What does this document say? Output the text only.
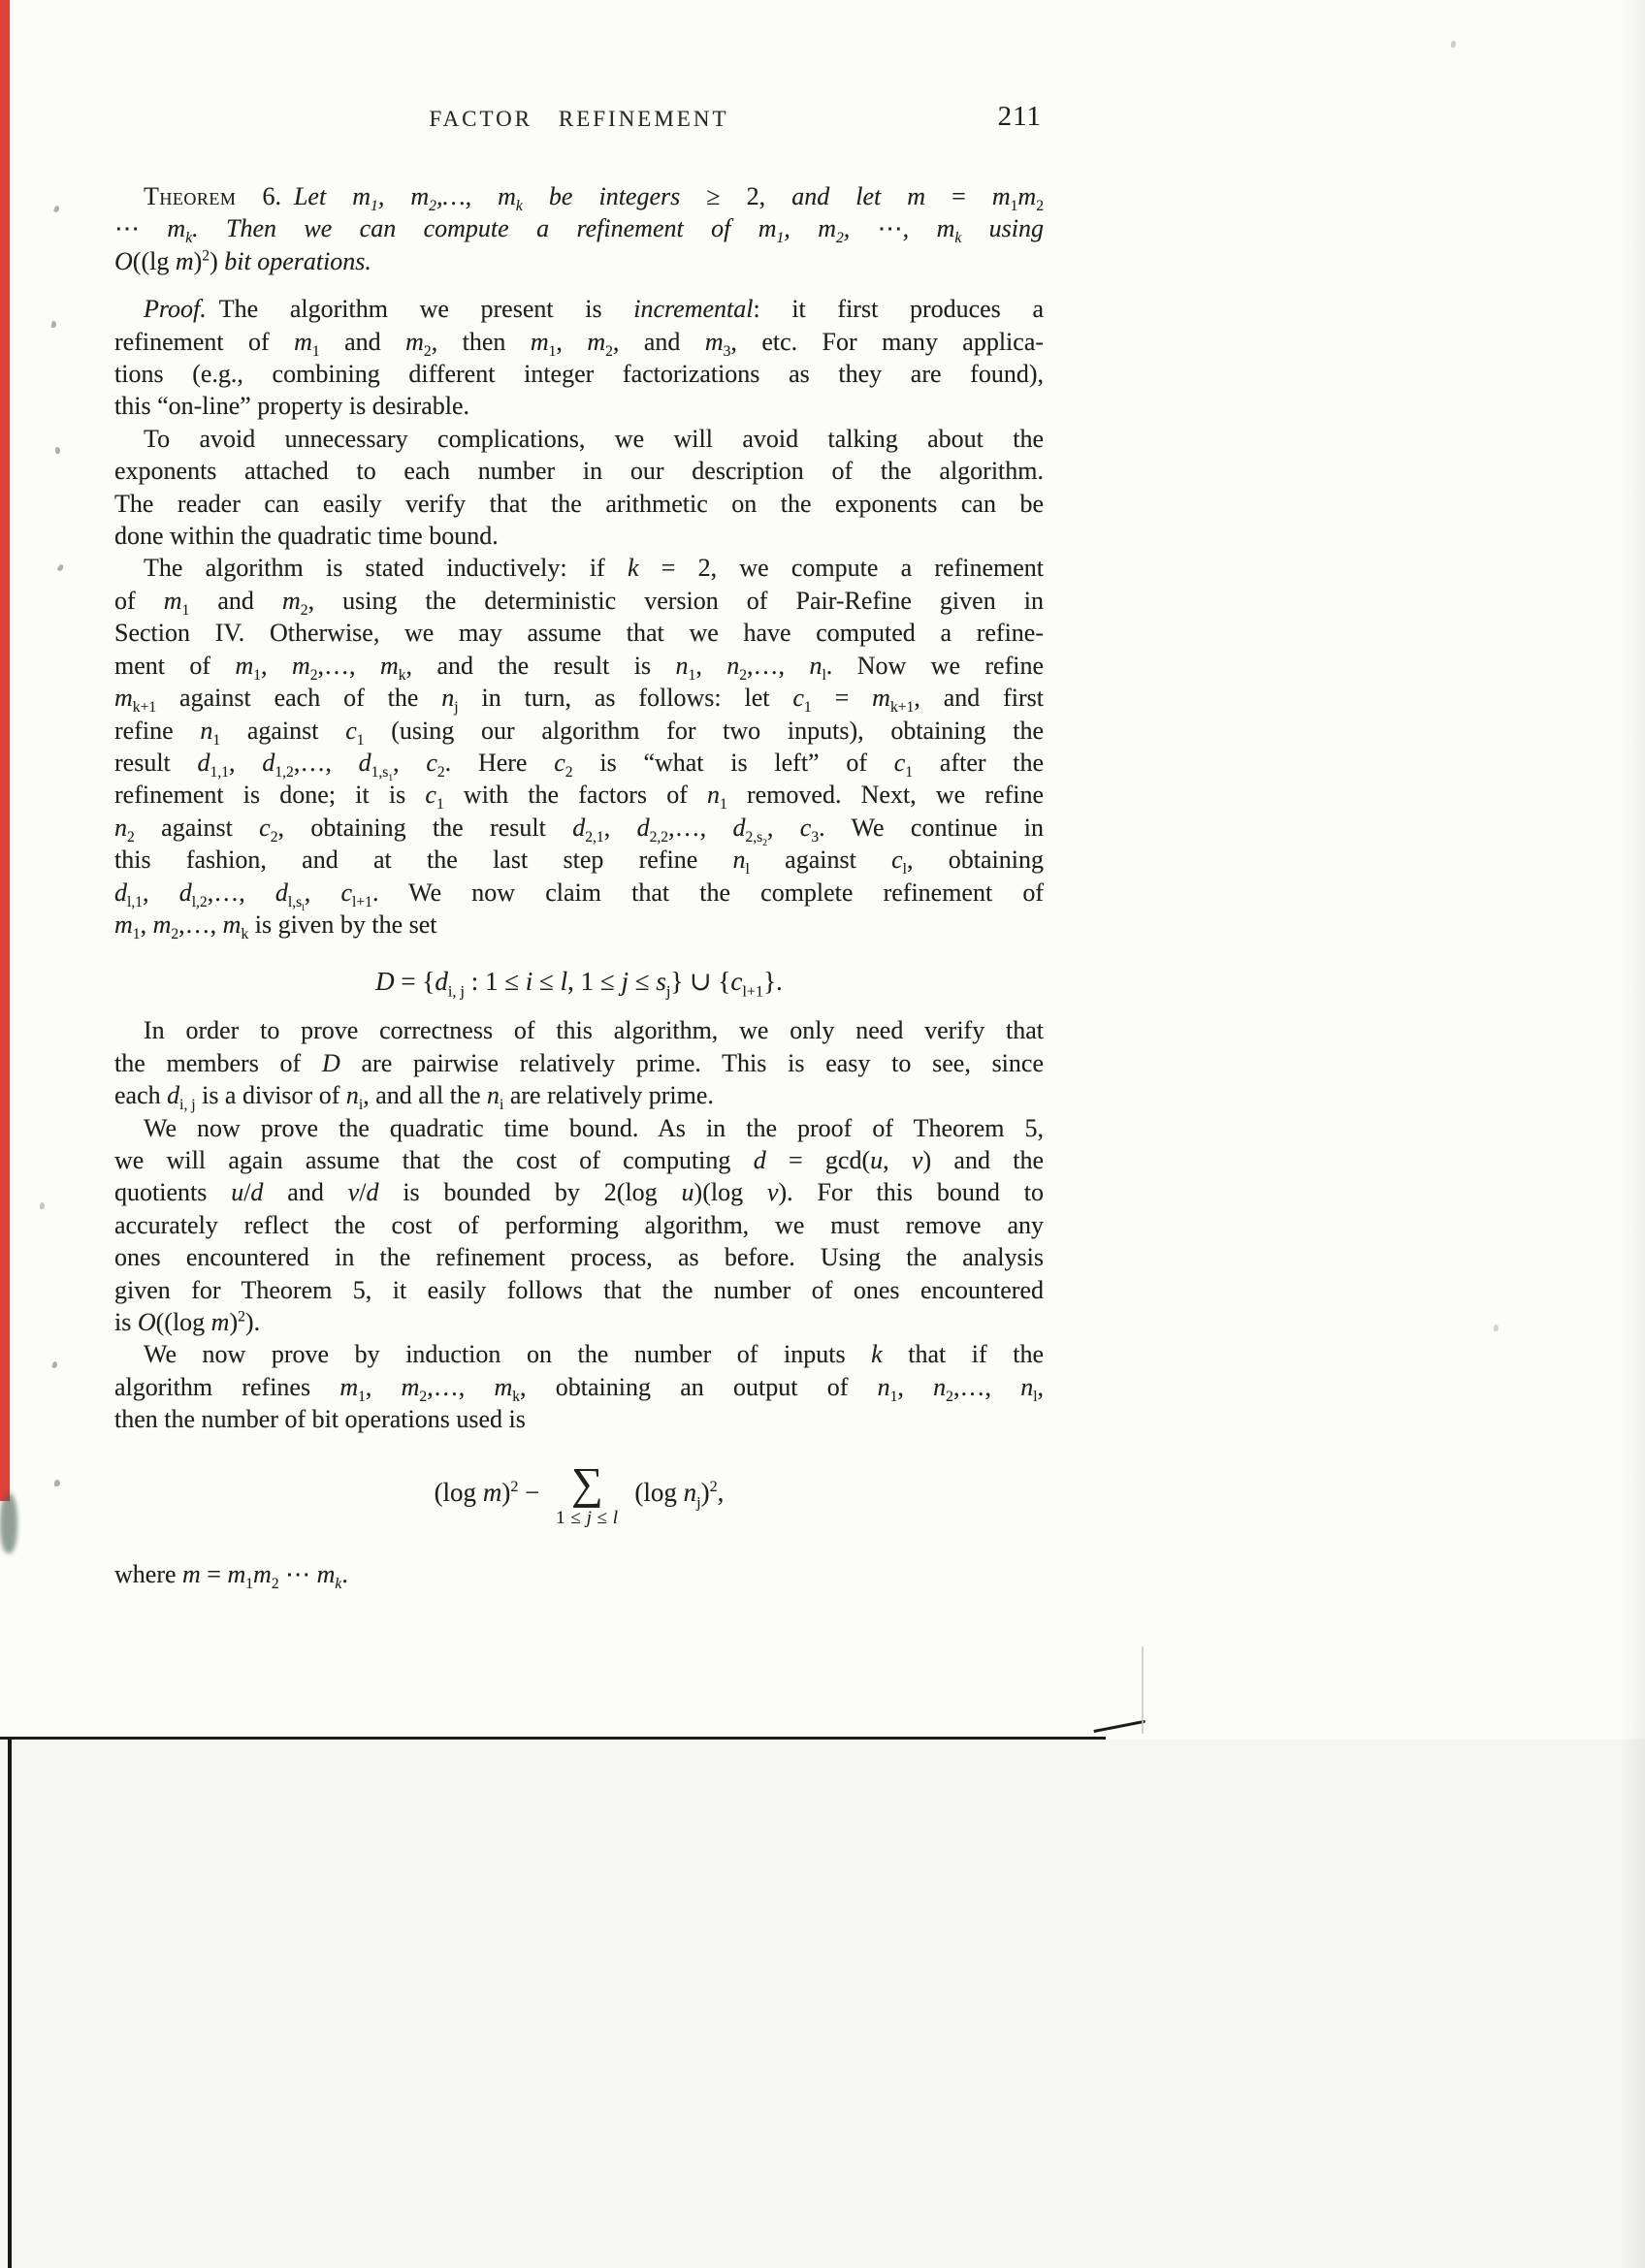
FACTOR REFINEMENT	211
Theorem 6. Let $m_1$, $m_2,\dots$, $m_k$ be integers ≥ 2, and let $m = m_1m_2$
⋯ $m_k$. Then we can compute a refinement of $m_1$, $m_2$, ⋯, $m_k$ using
O((lg m)$^2$) bit operations.
Proof. The algorithm we present is incremental: it first produces a
refinement of $m_1$ and $m_2$, then $m_1$, $m_2$, and $m_3$, etc. For many applica-
tions (e.g., combining different integer factorizations as they are found),
this “on-line” property is desirable.
To avoid unnecessary complications, we will avoid talking about the
exponents attached to each number in our description of the algorithm.
The reader can easily verify that the arithmetic on the exponents can be
done within the quadratic time bound.
The algorithm is stated inductively: if k = 2, we compute a refinement
of $m_1$ and $m_2$, using the deterministic version of Pair-Refine given in
Section IV. Otherwise, we may assume that we have computed a refine-
ment of $m_1$, $m_2,\dots$, $m_k$, and the result is $n_1$, $n_2,\dots$, $n_l$. Now we refine
$m_{k+1}$ against each of the $n_j$ in turn, as follows: let $c_1 = m_{k+1}$, and first
refine $n_1$ against $c_1$ (using our algorithm for two inputs), obtaining the
result $d_{1,1}$, $d_{1,2},\dots$, $d_{1,s_1}$, $c_2$. Here $c_2$ is “what is left” of $c_1$ after the
refinement is done; it is $c_1$ with the factors of $n_1$ removed. Next, we refine
$n_2$ against $c_2$, obtaining the result $d_{2,1}$, $d_{2,2},\dots$, $d_{2,s_2}$, $c_3$. We continue in
this fashion, and at the last step refine $n_l$ against $c_l$, obtaining
$d_{l,1}$, $d_{l,2},\dots$, $d_{l,s_l}$, $c_{l+1}$. We now claim that the complete refinement of
$m_1$, $m_2,\dots$, $m_k$ is given by the set
$D = \{d_{i, j}$ : 1 ≤ i ≤ l, $1 \le j \le s_j$} ∪ $\{c_{l+1}\}$.
In order to prove correctness of this algorithm, we only need verify that
the members of D are pairwise relatively prime. This is easy to see, since
each $d_{i, j}$ is a divisor of $n_i$, and all the $n_i$ are relatively prime.
We now prove the quadratic time bound. As in the proof of Theorem 5,
we will again assume that the cost of computing d = gcd(u, v) and the
quotients u/d and v/d is bounded by 2(log u)(log v). For this bound to
accurately reflect the cost of performing algorithm, we must remove any
ones encountered in the refinement process, as before. Using the analysis
given for Theorem 5, it easily follows that the number of ones encountered
is O((log m)$^2$).
We now prove by induction on the number of inputs k that if the
algorithm refines $m_1$, $m_2,\dots$, $m_k$, obtaining an output of $n_1$, $n_2,\dots$, $n_l$,
then the number of bit operations used is
(log m)$^2$ − ∑
1 ≤ j ≤ l
(log $n_j)^2$,
where $m = m_1m_2$ ⋯ $m_k$.
